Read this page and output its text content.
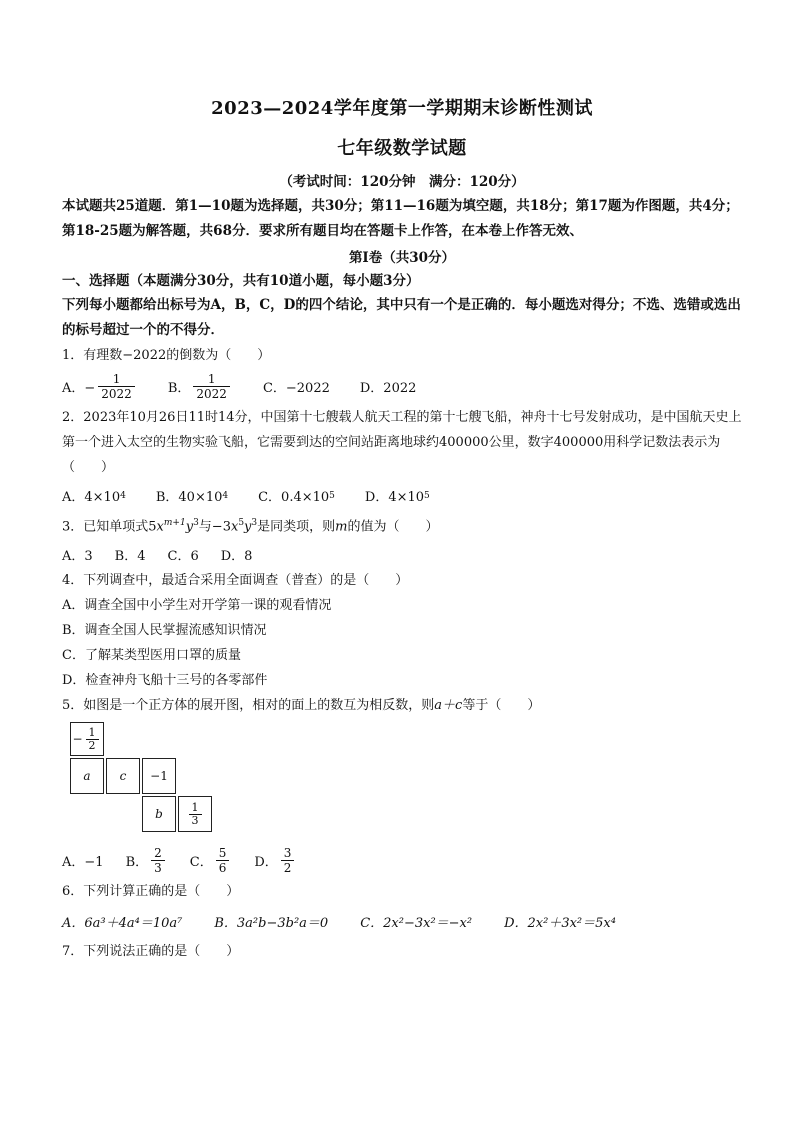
2023—2024学年度第一学期期末诊断性测试
七年级数学试题
（考试时间：120分钟　满分：120分）
本试题共25道题．第1—10题为选择题，共30分；第11—16题为填空题，共18分；第17题为作图题，共4分；第18-25题为解答题，共68分．要求所有题目均在答题卡上作答，在本卷上作答无效、
第Ⅰ卷（共30分）
一、选择题（本题满分30分，共有10道小题，每小题3分）
下列每小题都给出标号为A，B，C，D的四个结论，其中只有一个是正确的．每小题选对得分；不选、选错或选出的标号超过一个的不得分．
1．有理数−2022的倒数为（　　）
A．− $\frac{1}{2022}$	B． $\frac{1}{2022}$	C．−2022 D．2022
2．2023年10月26日11时14分，中国第十七艘载人航天工程的第十七艘飞船，神舟十七号发射成功，是中国航天史上第一个进入太空的生物实验飞船，它需要到达的空间站距离地球约400000公里，数字400000用科学记数法表示为（　　）
A．4×10 4 B．40×10 4 C．0.4×10 5 D．4×10 5
3．已知单项式$5x^{m+1}y^3$与$-3x^5y^3$是同类项，则m的值为（　　）
A．3 B．4 C．6 D．8
4．下列调查中，最适合采用全面调查（普查）的是（　　）
A．调查全国中小学生对开学第一课的观看情况
B．调查全国人民掌握流感知识情况
C．了解某类型医用口罩的质量
D．检查神舟飞船十三号的各零部件
5．如图是一个正方体的展开图，相对的面上的数互为相反数，则a＋c等于（　　）
− $\frac{1}{2}$
a	c	−1
b	$\frac{1}{3}$
A．−1 B． $\frac{2}{3}$ C． $\frac{5}{6}$ D． $\frac{3}{2}$
6．下列计算正确的是（　　）
A．6a³＋4a⁴＝10a⁷ B．3a²b−3b²a＝0 C．2x²−3x²＝−x² D．2x²＋3x²＝5x⁴
7．下列说法正确的是（　　）
